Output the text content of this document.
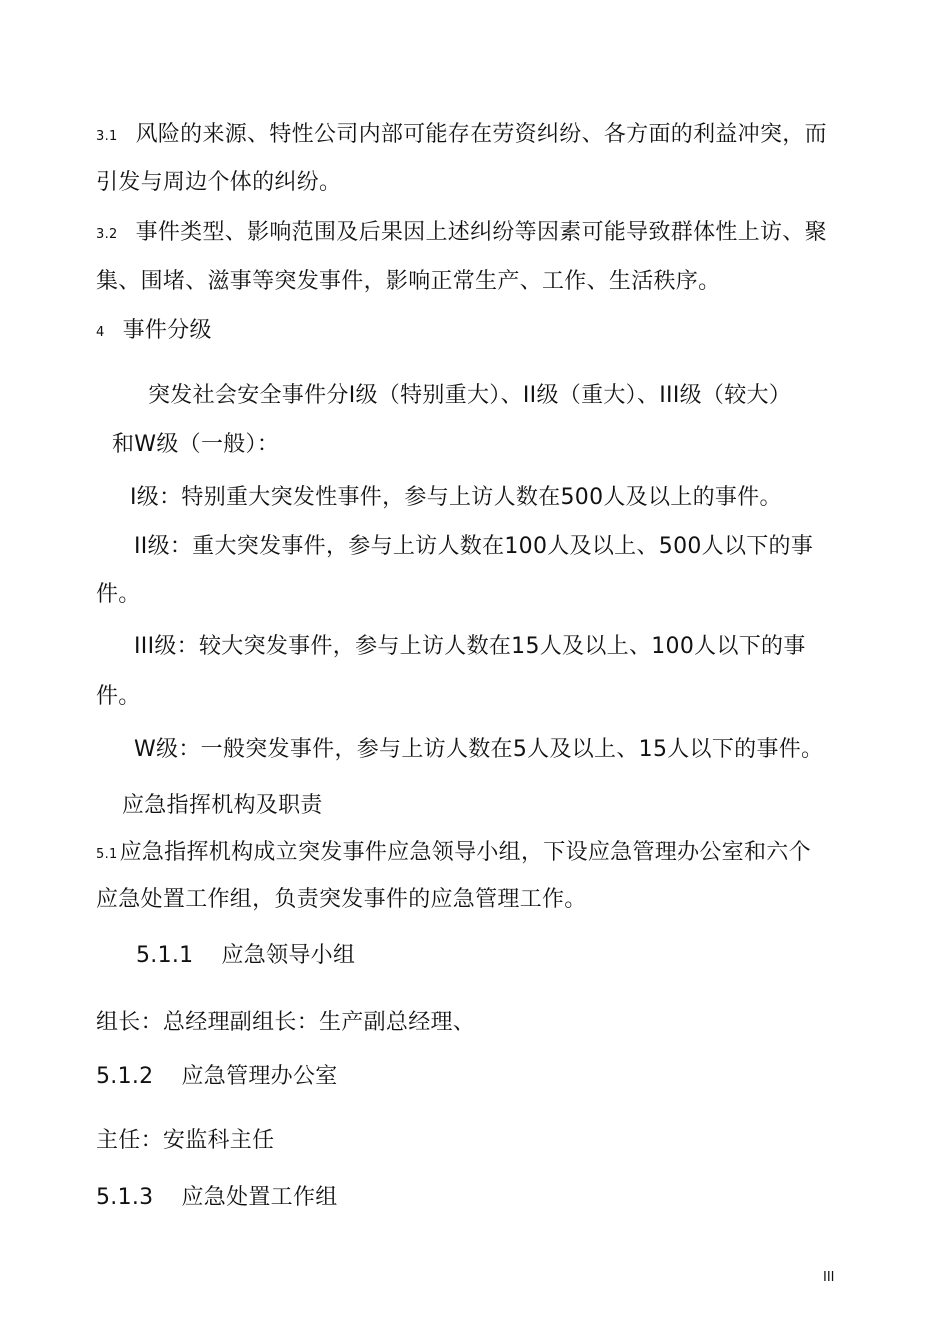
3.1 风险的来源、特性公司内部可能存在劳资纠纷、各方面的利益冲突，而
引发与周边个体的纠纷。
3.2 事件类型、影响范围及后果因上述纠纷等因素可能导致群体性上访、聚
集、围堵、滋事等突发事件，影响正常生产、工作、生活秩序。
4 事件分级
突发社会安全事件分I级（特别重大）、II级（重大）、III级（较大）
和W级（一般）：
I级：特别重大突发性事件，参与上访人数在500人及以上的事件。
II级：重大突发事件，参与上访人数在100人及以上、500人以下的事
件。
III级：较大突发事件，参与上访人数在15人及以上、100人以下的事
件。
W级：一般突发事件，参与上访人数在5人及以上、15人以下的事件。
应急指挥机构及职责
5.1应急指挥机构成立突发事件应急领导小组，下设应急管理办公室和六个
应急处置工作组，负责突发事件的应急管理工作。
5.1.1 应急领导小组
组长：总经理副组长：生产副总经理、
5.1.2 应急管理办公室
主任：安监科主任
5.1.3 应急处置工作组
III
